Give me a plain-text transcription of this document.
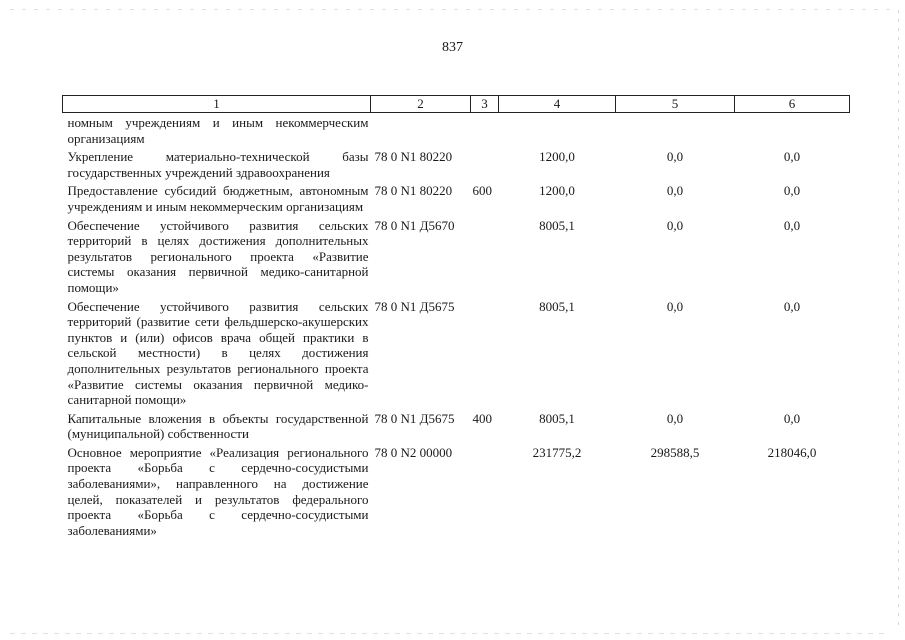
837
1	2	3	4	5	6
номным учреждениям и иным некоммерческим организациям					
Укрепление материально-технической базы государственных учреждений здравоохранения	78 0 N1 80220		1200,0	0,0	0,0
Предоставление субсидий бюджетным, автономным учреждениям и иным некоммерческим организациям	78 0 N1 80220	600	1200,0	0,0	0,0
Обеспечение устойчивого развития сельских территорий в целях достижения дополнительных результатов регионального проекта «Развитие системы оказания первичной медико-санитарной помощи»	78 0 N1 Д5670		8005,1	0,0	0,0
Обеспечение устойчивого развития сельских территорий (развитие сети фельдшерско-акушерских пунктов и (или) офисов врача общей практики в сельской местности) в целях достижения дополнительных результатов регионального проекта «Развитие системы оказания первичной медико-санитарной помощи»	78 0 N1 Д5675		8005,1	0,0	0,0
Капитальные вложения в объекты государственной (муниципальной) собственности	78 0 N1 Д5675	400	8005,1	0,0	0,0
Основное мероприятие «Реализация регионального проекта «Борьба с сердечно-сосудистыми заболеваниями», направленного на достижение целей, показателей и результатов федерального проекта «Борьба с сердечно-сосудистыми заболеваниями»	78 0 N2 00000		231775,2	298588,5	218046,0
